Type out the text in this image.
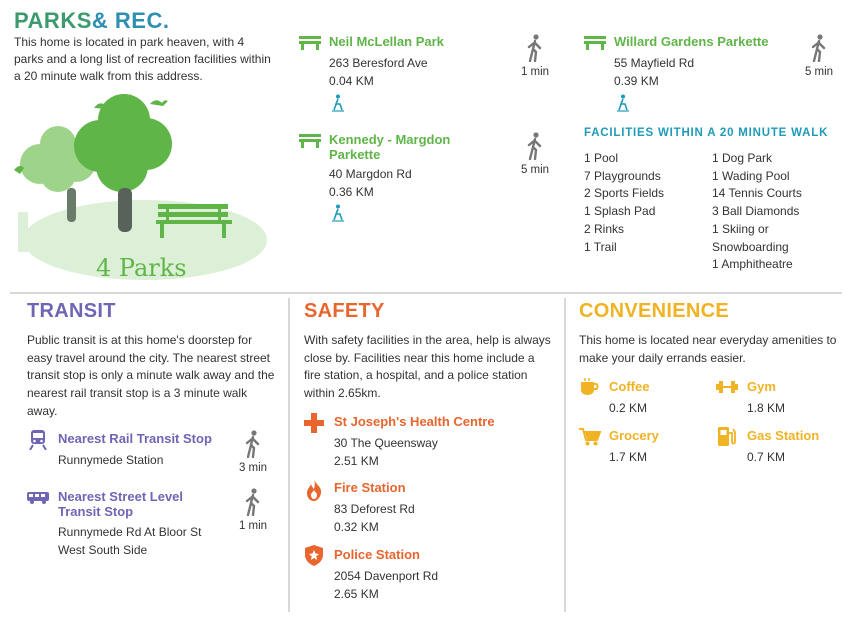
PARKS& REC.
This home is located in park heaven, with 4 parks and a long list of recreation facilities within a 20 minute walk from this address.
4 Parks
Neil McLellan Park
263 Beresford Ave
0.04 KM
1 min
Kennedy - Margdon Parkette
40 Margdon Rd
0.36 KM
5 min
Willard Gardens Parkette
55 Mayfield Rd
0.39 KM
5 min
FACILITIES WITHIN A 20 MINUTE WALK
1 Pool
7 Playgrounds
2 Sports Fields
1 Splash Pad
2 Rinks
1 Trail
1 Dog Park
1 Wading Pool
14 Tennis Courts
3 Ball Diamonds
1 Skiing or
Snowboarding
1 Amphitheatre
TRANSIT
Public transit is at this home's doorstep for easy travel around the city. The nearest street transit stop is only a minute walk away and the nearest rail transit stop is a 3 minute walk away.
Nearest Rail Transit Stop
Runnymede Station
3 min
Nearest Street Level
Transit Stop
Runnymede Rd At Bloor St
West South Side
1 min
SAFETY
With safety facilities in the area, help is always close by. Facilities near this home include a fire station, a hospital, and a police station within 2.65km.
St Joseph's Health Centre
30 The Queensway
2.51 KM
Fire Station
83 Deforest Rd
0.32 KM
Police Station
2054 Davenport Rd
2.65 KM
CONVENIENCE
This home is located near everyday amenities to make your daily errands easier.
Coffee
0.2 KM
Gym
1.8 KM
Grocery
1.7 KM
Gas Station
0.7 KM
